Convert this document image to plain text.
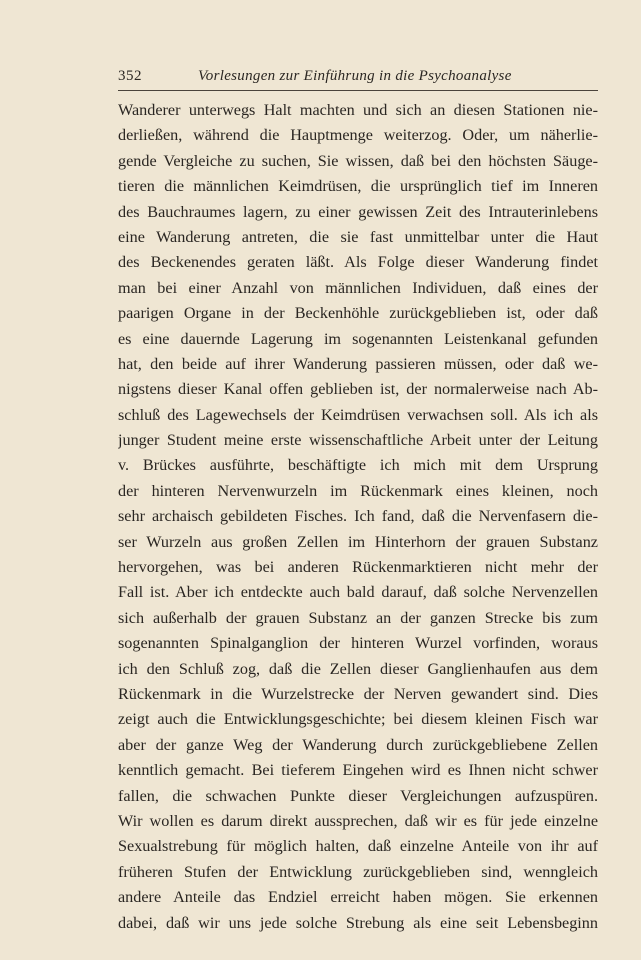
352	Vorlesungen zur Einführung in die Psychoanalyse
Wanderer unterwegs Halt machten und sich an diesen Stationen nie-
derließen, während die Hauptmenge weiterzog. Oder, um näherlie-
gende Vergleiche zu suchen, Sie wissen, daß bei den höchsten Säuge-
tieren die männlichen Keimdrüsen, die ursprünglich tief im Inneren
des Bauchraumes lagern, zu einer gewissen Zeit des Intrauterinlebens
eine Wanderung antreten, die sie fast unmittelbar unter die Haut
des Beckenendes geraten läßt. Als Folge dieser Wanderung findet
man bei einer Anzahl von männlichen Individuen, daß eines der
paarigen Organe in der Beckenhöhle zurückgeblieben ist, oder daß
es eine dauernde Lagerung im sogenannten Leistenkanal gefunden
hat, den beide auf ihrer Wanderung passieren müssen, oder daß we-
nigstens dieser Kanal offen geblieben ist, der normalerweise nach Ab-
schluß des Lagewechsels der Keimdrüsen verwachsen soll. Als ich als
junger Student meine erste wissenschaftliche Arbeit unter der Leitung
v. Brückes ausführte, beschäftigte ich mich mit dem Ursprung
der hinteren Nervenwurzeln im Rückenmark eines kleinen, noch
sehr archaisch gebildeten Fisches. Ich fand, daß die Nervenfasern die-
ser Wurzeln aus großen Zellen im Hinterhorn der grauen Substanz
hervorgehen, was bei anderen Rückenmarktieren nicht mehr der
Fall ist. Aber ich entdeckte auch bald darauf, daß solche Nervenzellen
sich außerhalb der grauen Substanz an der ganzen Strecke bis zum
sogenannten Spinalganglion der hinteren Wurzel vorfinden, woraus
ich den Schluß zog, daß die Zellen dieser Ganglienhaufen aus dem
Rückenmark in die Wurzelstrecke der Nerven gewandert sind. Dies
zeigt auch die Entwicklungsgeschichte; bei diesem kleinen Fisch war
aber der ganze Weg der Wanderung durch zurückgebliebene Zellen
kenntlich gemacht. Bei tieferem Eingehen wird es Ihnen nicht schwer
fallen, die schwachen Punkte dieser Vergleichungen aufzuspüren.
Wir wollen es darum direkt aussprechen, daß wir es für jede einzelne
Sexualstrebung für möglich halten, daß einzelne Anteile von ihr auf
früheren Stufen der Entwicklung zurückgeblieben sind, wenngleich
andere Anteile das Endziel erreicht haben mögen. Sie erkennen
dabei, daß wir uns jede solche Strebung als eine seit Lebensbeginn
